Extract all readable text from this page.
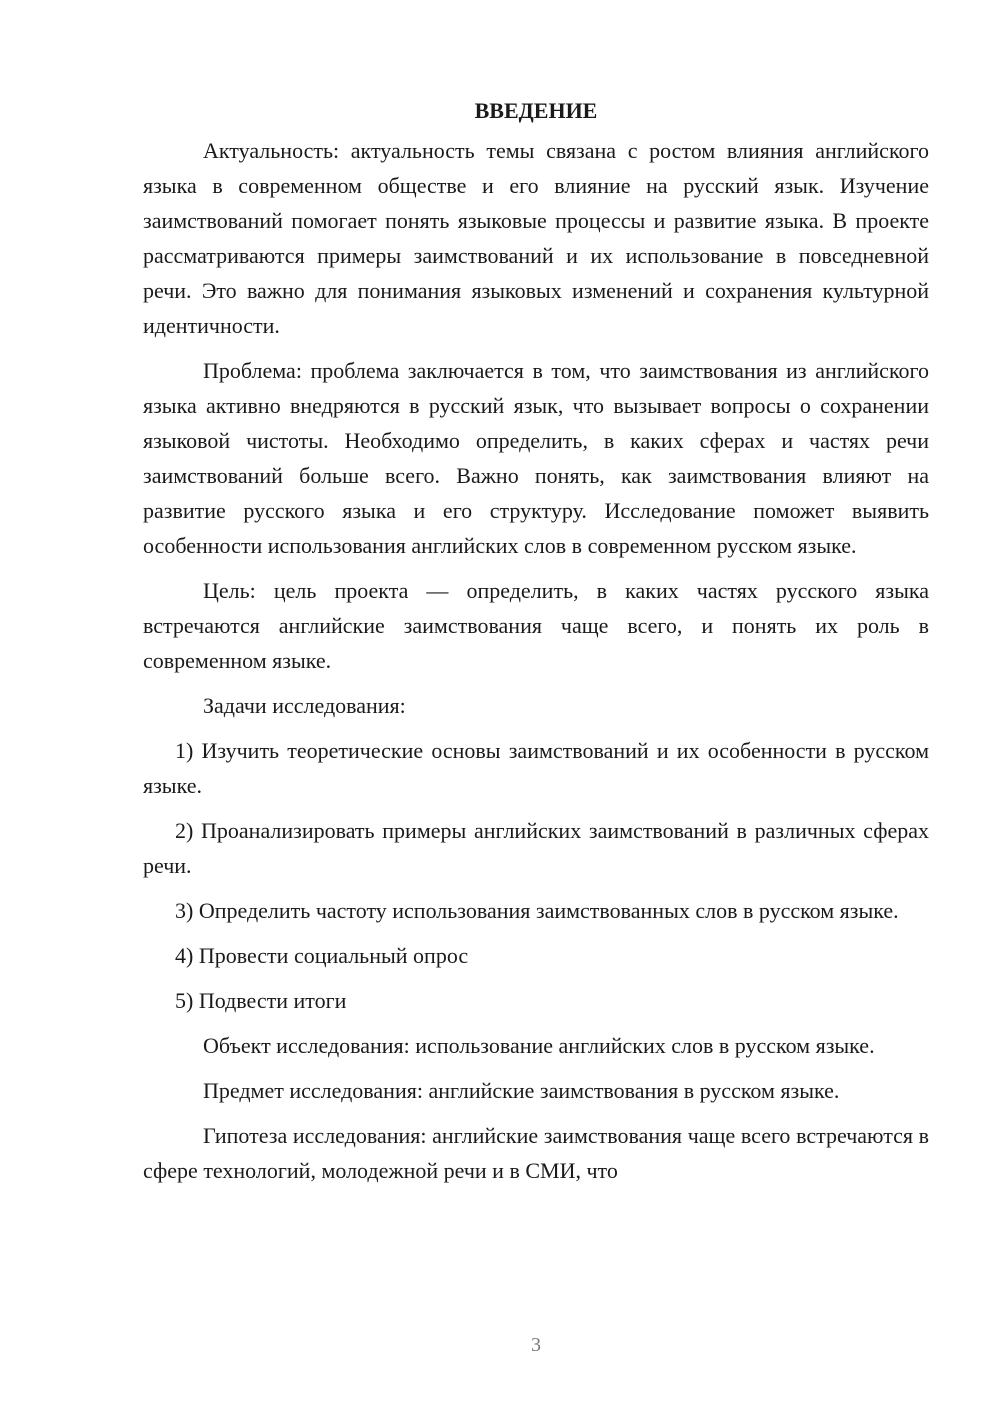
ВВЕДЕНИЕ

Актуальность: актуальность темы связана с ростом влияния английского языка в современном обществе и его влияние на русский язык. Изучение заимствований помогает понять языковые процессы и развитие языка. В проекте рассматриваются примеры заимствований и их использование в повседневной речи. Это важно для понимания языковых изменений и сохранения культурной идентичности.

Проблема: проблема заключается в том, что заимствования из английского языка активно внедряются в русский язык, что вызывает вопросы о сохранении языковой чистоты. Необходимо определить, в каких сферах и частях речи заимствований больше всего. Важно понять, как заимствования влияют на развитие русского языка и его структуру. Исследование поможет выявить особенности использования английских слов в современном русском языке.

Цель: цель проекта — определить, в каких частях русского языка встречаются английские заимствования чаще всего, и понять их роль в современном языке.

Задачи исследования:

1) Изучить теоретические основы заимствований и их особенности в русском языке.

2) Проанализировать примеры английских заимствований в различных сферах речи.

3) Определить частоту использования заимствованных слов в русском языке.

4) Провести социальный опрос

5) Подвести итоги

Объект исследования: использование английских слов в русском языке.

Предмет исследования: английские заимствования в русском языке.

Гипотеза исследования: английские заимствования чаще всего встречаются в сфере технологий, молодежной речи и в СМИ, что

3
